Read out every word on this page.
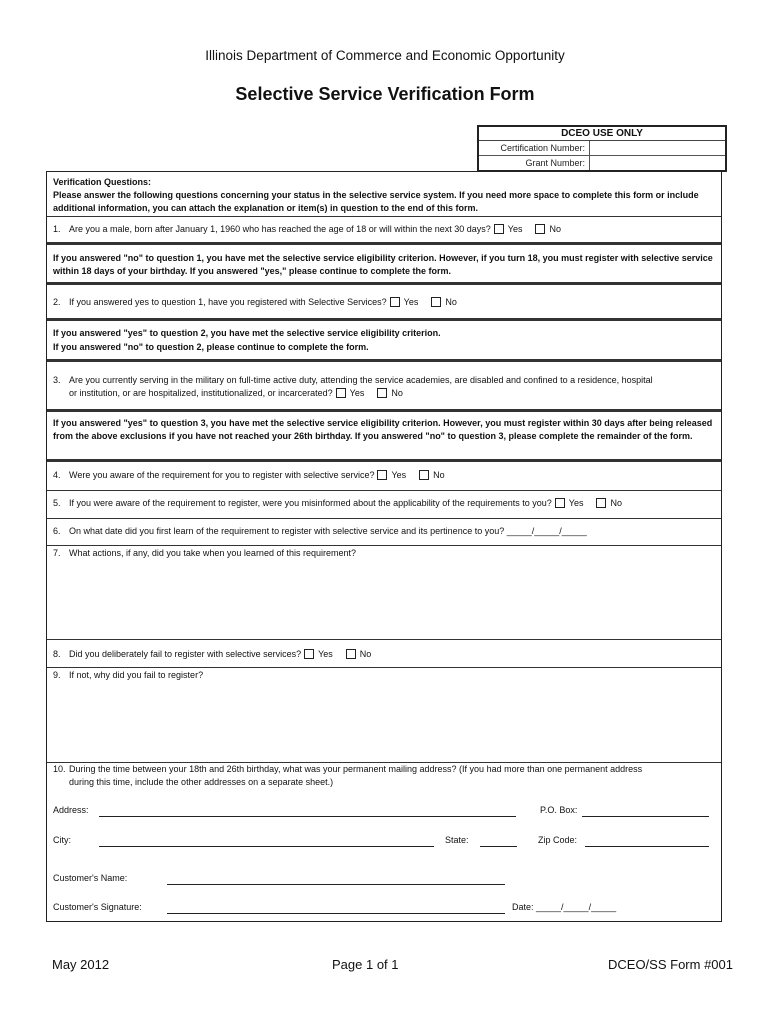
Illinois Department of Commerce and Economic Opportunity
Selective Service Verification Form
DCEO USE ONLY
Certification Number:
Grant Number:
Verification Questions:
Please answer the following questions concerning your status in the selective service system. If you need more space to complete this form or include additional information, you can attach the explanation or item(s) in question to the end of this form.
1. Are you a male, born after January 1, 1960 who has reached the age of 18 or will within the next 30 days? Yes	No
If you answered "no" to question 1, you have met the selective service eligibility criterion. However, if you turn 18, you must register with selective service within 18 days of your birthday. If you answered "yes," please continue to complete the form.
2. If you answered yes to question 1, have you registered with Selective Services? Yes	No
If you answered "yes" to question 2, you have met the selective service eligibility criterion.
If you answered "no" to question 2, please continue to complete the form.
3. Are you currently serving in the military on full-time active duty, attending the service academies, are disabled and confined to a residence, hospital
or institution, or are hospitalized, institutionalized, or incarcerated? Yes	No
If you answered "yes" to question 3, you have met the selective service eligibility criterion. However, you must register within 30 days after being released from the above exclusions if you have not reached your 26th birthday. If you answered "no" to question 3, please complete the remainder of the form.
4. Were you aware of the requirement for you to register with selective service? Yes	No
5. If you were aware of the requirement to register, were you misinformed about the applicability of the requirements to you? Yes	No
6. On what date did you first learn of the requirement to register with selective service and its pertinence to you? _____/_____/_____
7. What actions, if any, did you take when you learned of this requirement?
8. Did you deliberately fail to register with selective services? Yes	No
9. If not, why did you fail to register?
10. During the time between your 18th and 26th birthday, what was your permanent mailing address? (If you had more than one permanent address
during this time, include the other addresses on a separate sheet.)
Address:	P.O. Box:
City:	State:	Zip Code:
Customer's Name:
Customer's Signature:	Date: _____/_____/_____
May 2012	Page 1 of 1	DCEO/SS Form #001
